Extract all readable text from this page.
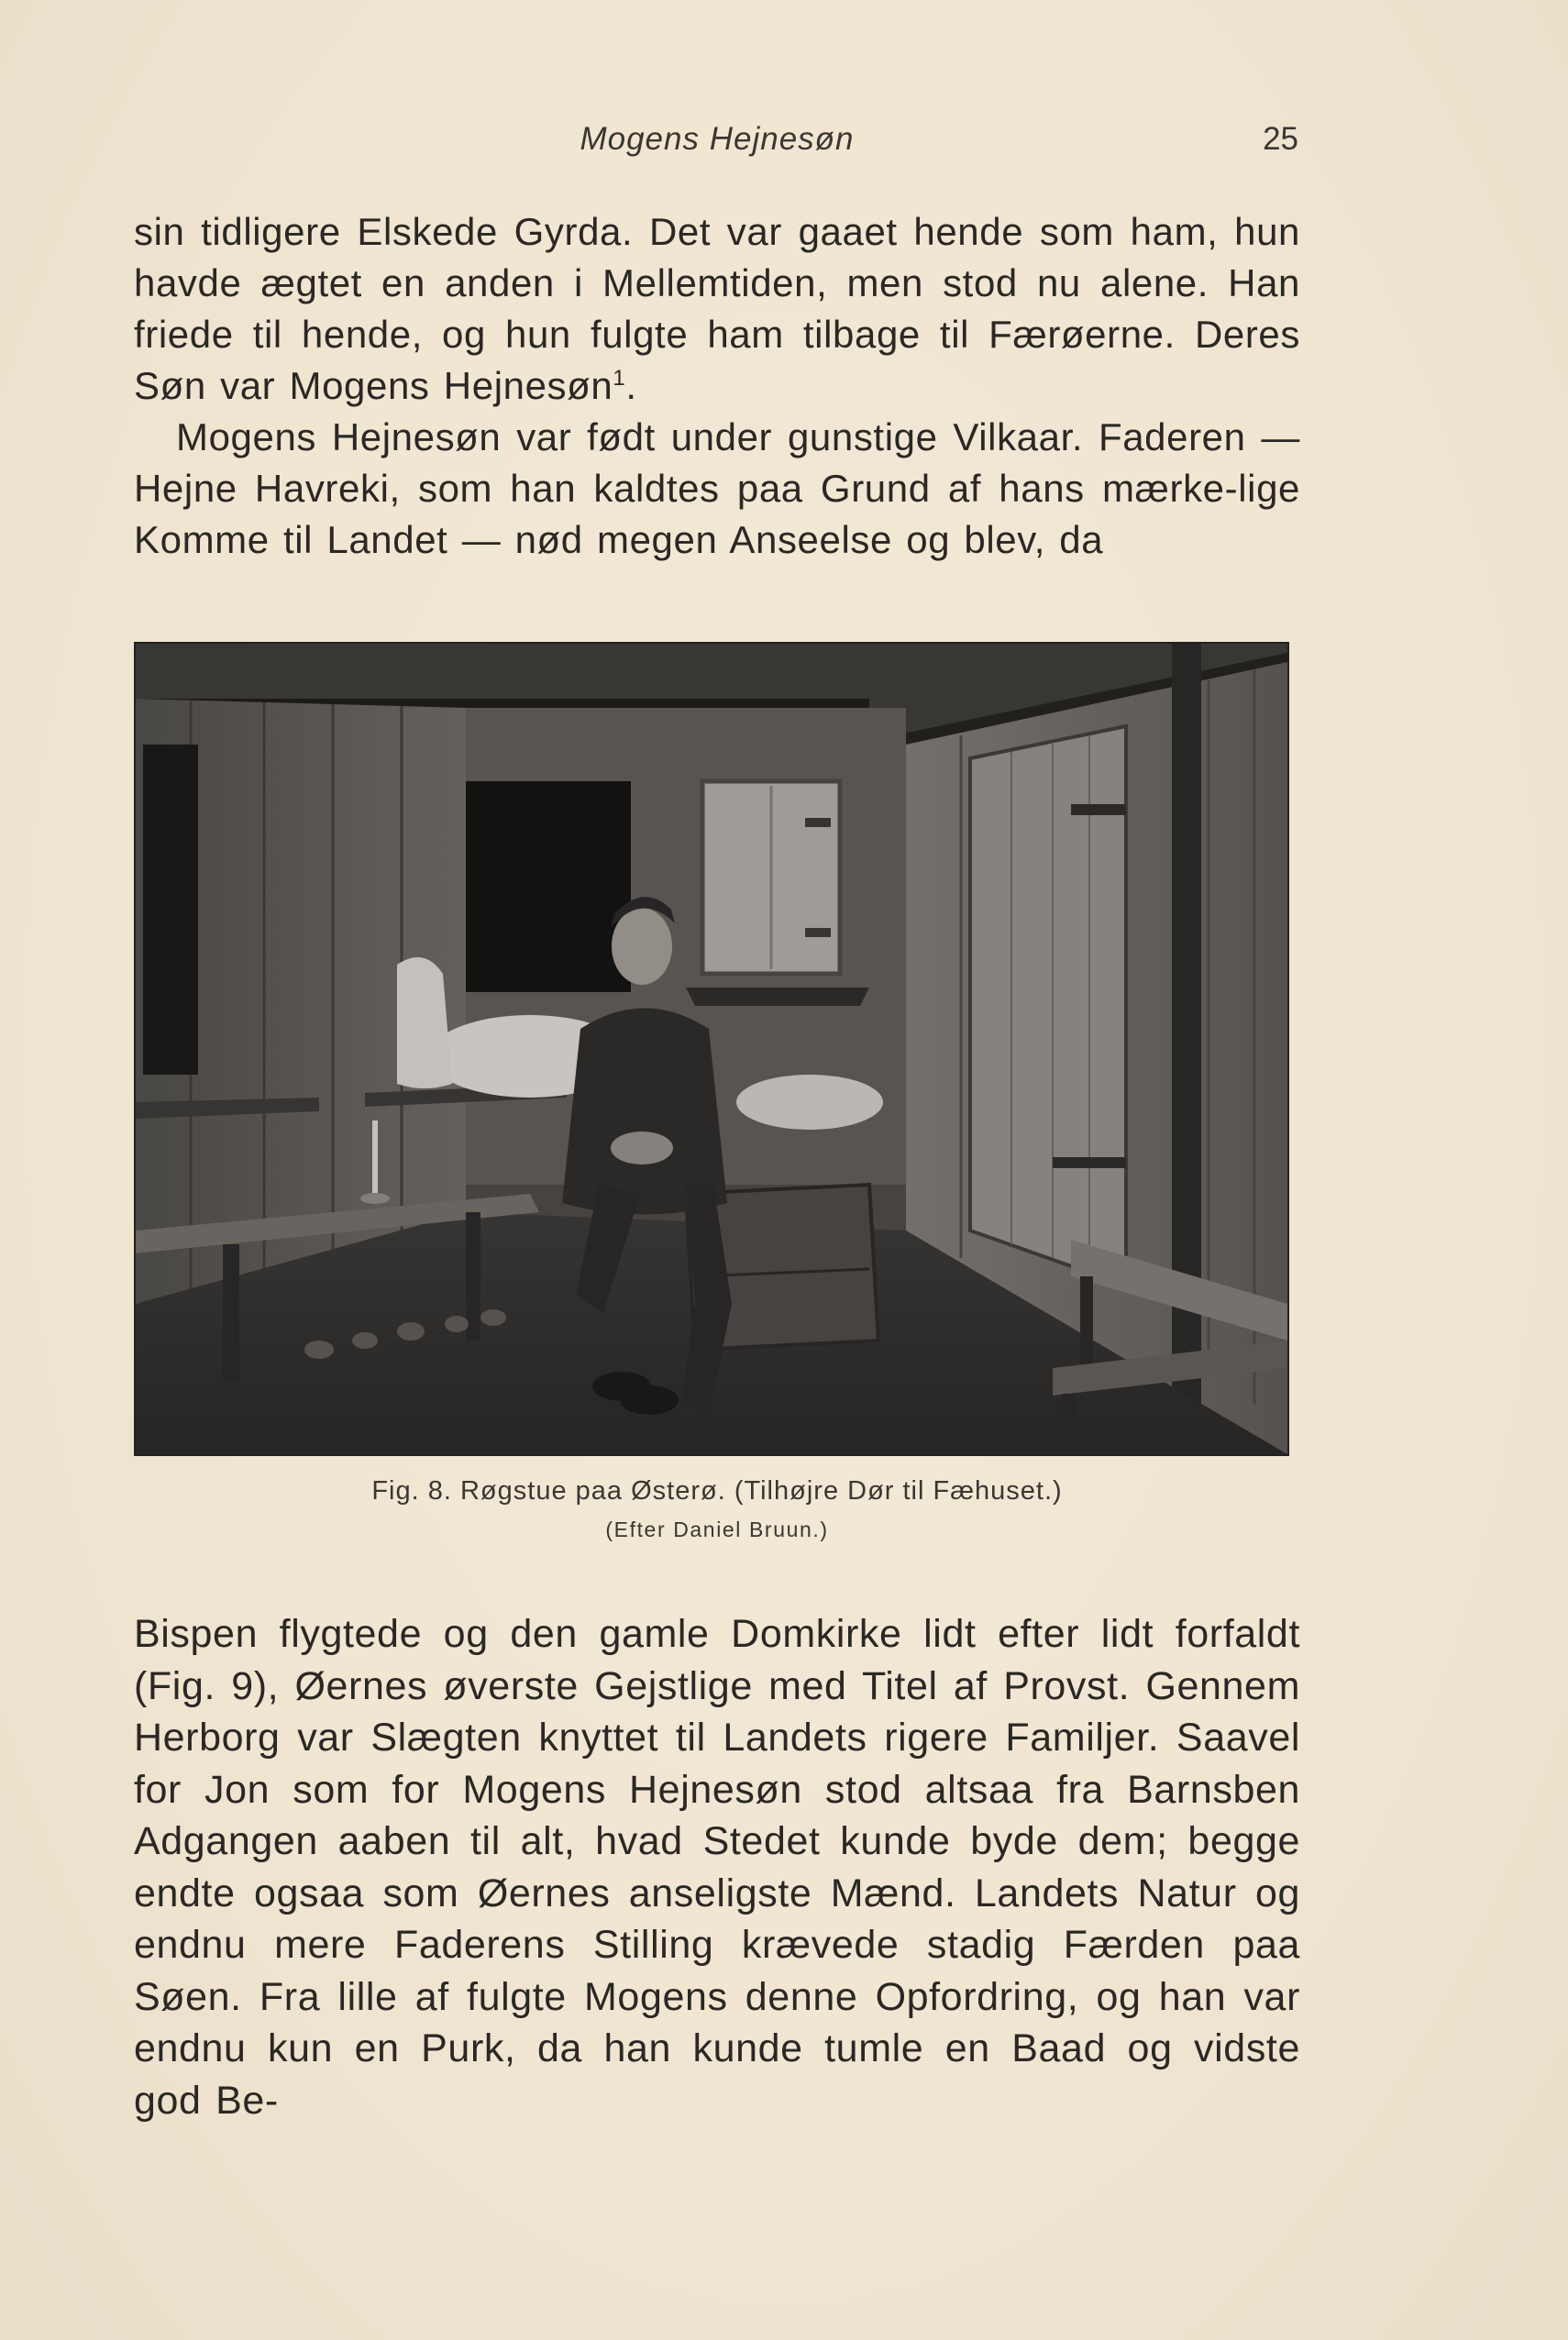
Mogens Hejnesøn	25

sin tidligere Elskede Gyrda. Det var gaaet hende som ham, hun havde ægtet en anden i Mellemtiden, men stod nu alene. Han friede til hende, og hun fulgte ham tilbage til Færøerne. Deres Søn var Mogens Hejnesøn$^1$.

Mogens Hejnesøn var født under gunstige Vilkaar. Faderen — Hejne Havreki, som han kaldtes paa Grund af hans mærke-lige Komme til Landet — nød megen Anseelse og blev, da

Fig. 8. Røgstue paa Østerø. (Tilhøjre Dør til Fæhuset.)
(Efter Daniel Bruun.)

Bispen flygtede og den gamle Domkirke lidt efter lidt forfaldt (Fig. 9), Øernes øverste Gejstlige med Titel af Provst. Gennem Herborg var Slægten knyttet til Landets rigere Familjer. Saavel for Jon som for Mogens Hejnesøn stod altsaa fra Barnsben Adgangen aaben til alt, hvad Stedet kunde byde dem; begge endte ogsaa som Øernes anseligste Mænd. Landets Natur og endnu mere Faderens Stilling krævede stadig Færden paa Søen. Fra lille af fulgte Mogens denne Opfordring, og han var endnu kun en Purk, da han kunde tumle en Baad og vidste god Be-
